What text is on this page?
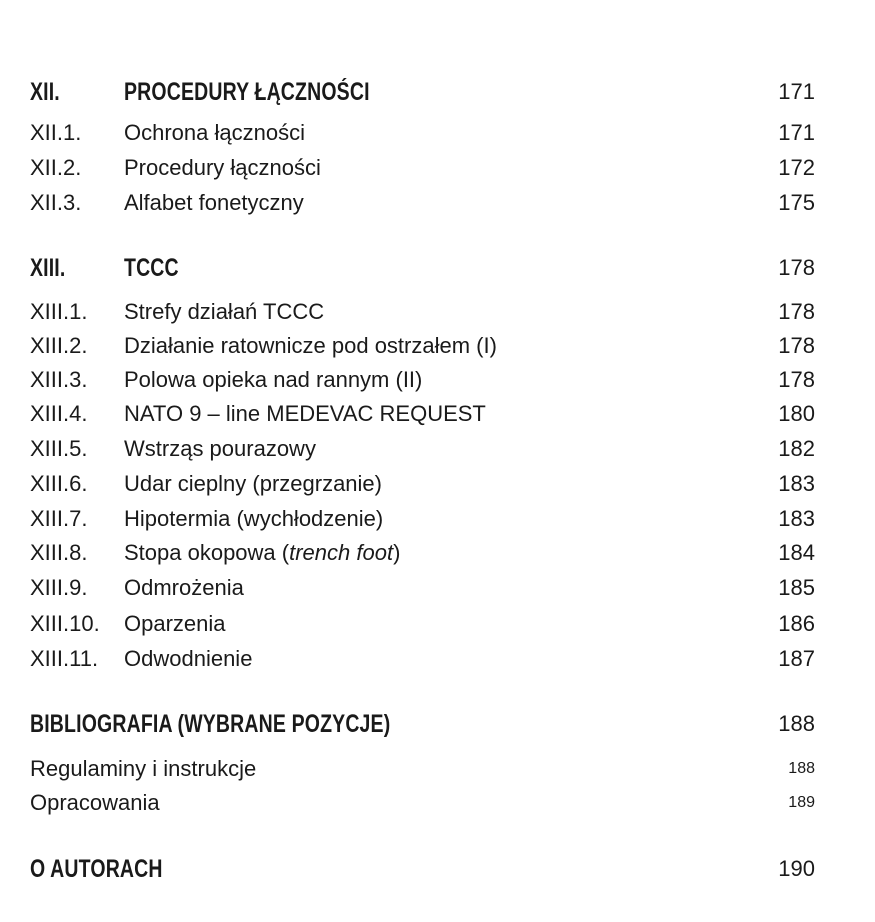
XII.	PROCEDURY ŁĄCZNOŚCI	171
XII.1.	Ochrona łączności	171
XII.2.	Procedury łączności	172
XII.3.	Alfabet fonetyczny	175
XIII.	TCCC	178
XIII.1.	Strefy działań TCCC	178
XIII.2.	Działanie ratownicze pod ostrzałem (I)	178
XIII.3.	Polowa opieka nad rannym (II)	178
XIII.4.	NATO 9 – line MEDEVAC REQUEST	180
XIII.5.	Wstrząs pourazowy	182
XIII.6.	Udar cieplny (przegrzanie)	183
XIII.7.	Hipotermia (wychłodzenie)	183
XIII.8.	Stopa okopowa (trench foot)	184
XIII.9.	Odmrożenia	185
XIII.10.	Oparzenia	186
XIII.11.	Odwodnienie	187
BIBLIOGRAFIA (WYBRANE POZYCJE)	188
Regulaminy i instrukcje	188
Opracowania	189
O AUTORACH	190
